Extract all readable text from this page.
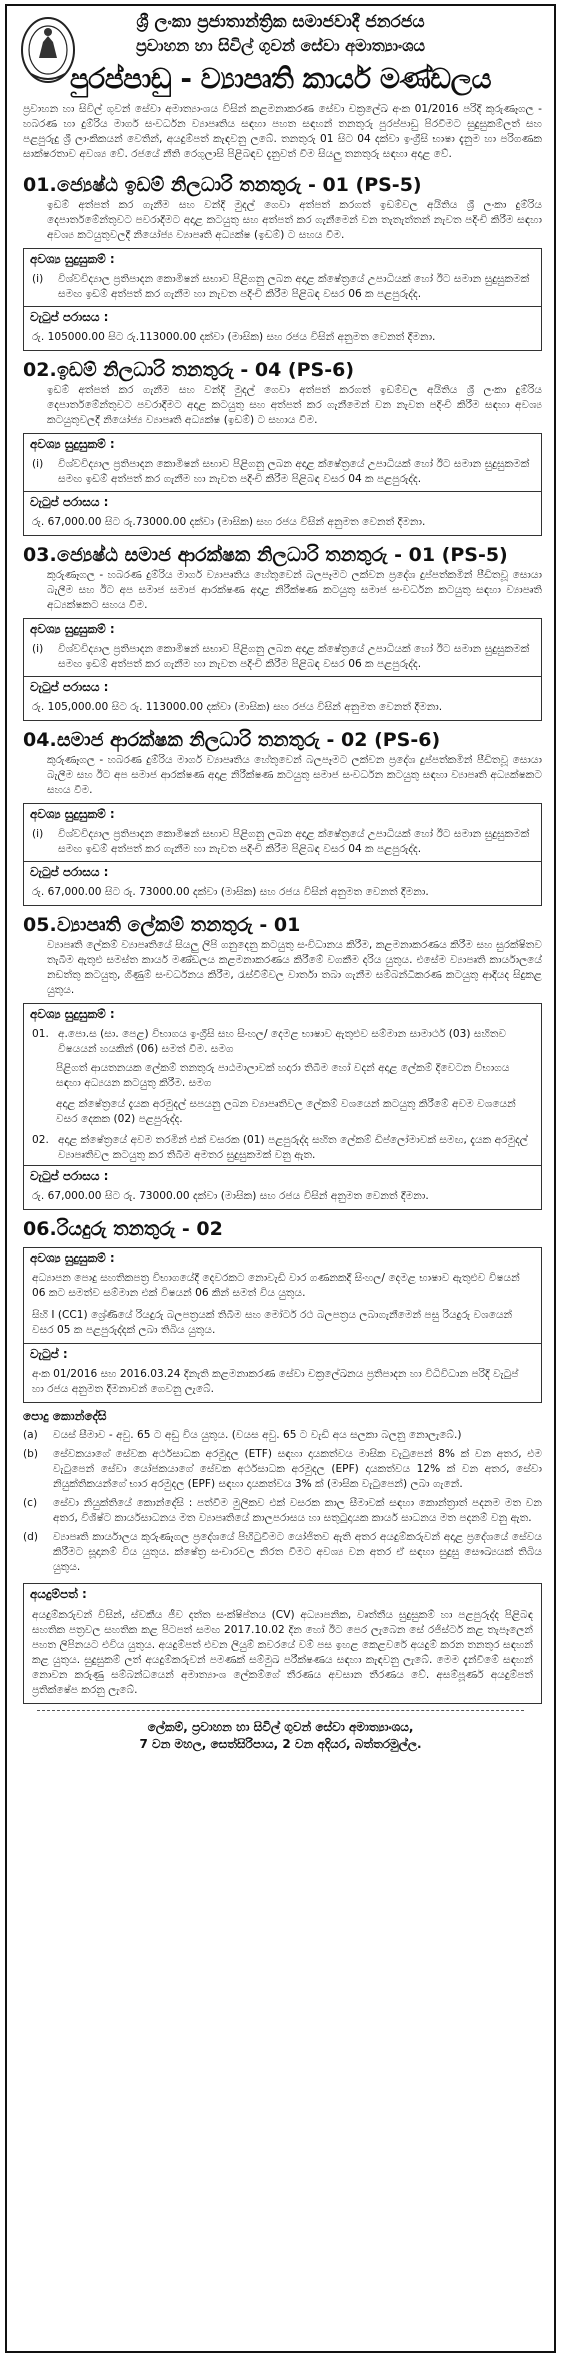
ශ්‍රී ලංකා ප්‍රජාතාන්ත්‍රික සමාජවාදී ජනරජය
ප්‍රවාහන හා සිවිල් ගුවන් සේවා අමාත්‍යාංශය
පුරප්පාඩු - ව්‍යාපෘති කාර්ය මණ්ඩලය
ප්‍රවාහන හා සිවිල් ගුවන් සේවා අමාත්‍යාංශය විසින් කළමනාකරණ සේවා චක්‍රලේඛ අංක 01/2016 පරිදි කුරුණෑගල - හබරණ හා දුම්රිය මාර්ග සංවර්ධන ව්‍යාපෘතිය සඳහා පහත සඳහන් තනතුරු පුරප්පාඩු පිරවීමට සුදුසුකම්ලත් සහ පළපුරුදු ශ්‍රී ලාංකිකයන් වෙතින්, අයදුම්පත් කැඳවනු ලබේ. තනතුරු 01 සිට 04 දක්වා ඉංග්‍රීසි භාෂා දැනුම හා පරිගණක සාක්ෂරතාව අවශ්‍ය වේ. රජයේ නීති රෙගුලාසි පිළිබඳව දැනුවත් වීම සියලු තනතුරු සඳහා අදාළ වේ.
01.ජ්‍යෙෂ්ඨ ඉඩම් නිලධාරි තනතුරු - 01 (PS-5)
ඉඩම් අත්පත් කර ගැනීම සහ වන්දි මුදල් ගෙවා අත්පත් කරගත් ඉඩම්වල අයිතිය ශ්‍රී ලංකා දුම්රිය දෙපාර්තමේන්තුවට පවරාදීමට අදාළ කටයුතු සහ අත්පත් කර ගැනීමෙන් වන තැතැත්තන් නැවත පදිංචි කිරීම සඳහා අවශ්‍ය කටයුතුවලදී නියෝජ්‍ය ව්‍යාපෘති අධ්‍යක්ෂ (ඉඩම්) ට සහය වීම.
අවශ්‍ය සුදුසුකම් :
(i)	විශ්වවිද්‍යාල ප්‍රතිපාදන කොමිෂන් සභාව පිළිගනු ලබන අදාළ ක්ෂේත්‍රයේ උපාධියක් හෝ ඊට සමාන සුදුසුකමක් සමඟ ඉඩම් අත්පත් කර ගැනීම හා නැවත පදිංචි කිරීම පිළිබඳ වසර 06 ක පළපුරුද්ද.
වැටුප් පරාසය :
රු. 105000.00 සිට රු.113000.00 දක්වා (මාසික) සහ රජය විසින් අනුමත වෙනත් දීමනා.
02.ඉඩම් නිලධාරි තනතුරු - 04 (PS-6)
ඉඩම් අත්පත් කර ගැනීම සහ වන්දි මුදල් ගෙවා අත්පත් කරගත් ඉඩම්වල අයිතිය ශ්‍රී ලංකා දුම්රිය දෙපාර්තමේන්තුවට පවරාදීමට අදාළ කටයුතු සහ අත්පත් කර ගැනීමෙන් වන නැවත පදිංචි කිරීම සඳහා අවශ්‍ය කටයුතුවලදී නියෝජ්‍ය ව්‍යාපෘති අධ්‍යක්ෂ (ඉඩම්) ට සහාය වීම.
අවශ්‍ය සුදුසුකම් :
(i)	විශ්වවිද්‍යාල ප්‍රතිපාදන කොමිෂන් සභාව පිළිගනු ලබන අදාළ ක්ෂේත්‍රයේ උපාධියක් හෝ ඊට සමාන සුදුසුකමක් සමඟ ඉඩම් අත්පත් කර ගැනීම හා නැවත පදිංචි කිරීම පිළිබඳ වසර 04 ක පළපුරුද්ද.
වැටුප් පරාසය :
රු. 67,000.00 සිට රු.73000.00 දක්වා (මාසික) සහ රජය විසින් අනුමත වෙනත් දීමනා.
03.ජ්‍යෙෂ්ඨ සමාජ ආරක්ෂක නිලධාරි තනතුරු - 01 (PS-5)
කුරුණෑගල - හබරණ දුම්රිය මාර්ග ව්‍යාපෘතිය හේතුවෙන් බලපෑමට ලක්වන ප්‍රදේශ දුප්පත්කමින් පීඩිතවූ සොයා බැලීම සහ ඊට අප සමාජ සමාජ ආරක්ෂණ අදාළ නිරීක්ෂණ කටයුතු සමාජ සංවර්ධන කටයුතු සඳහා ව්‍යාපෘති අධ්‍යක්ෂකට සහය වීම.
අවශ්‍ය සුදුසුකම් :
(i)	විශ්වවිද්‍යාල ප්‍රතිපාදන කොමිෂන් සභාව පිළිගනු ලබන අදාළ ක්ෂේත්‍රයේ උපාධියක් හෝ ඊට සමාන සුදුසුකමක් සමඟ ඉඩම් අත්පත් කර ගැනීම හා නැවත පදිංචි කිරීම පිළිබඳ වසර 06 ක පළපුරුද්ද.
වැටුප් පරාසය :
රු. 105,000.00 සිට රු. 113000.00 දක්වා (මාසික) සහ රජය විසින් අනුමත වෙනත් දීමනා.
04.සමාජ ආරක්ෂක නිලධාරි තනතුරු - 02 (PS-6)
කුරුණෑගල - හබරණ දුම්රිය මාර්ග ව්‍යාපෘතිය හේතුවෙන් බලපෑමට ලක්වන ප්‍රදේශ දුප්පත්කමින් පීඩිතවූ සොයා බැලීම සහ ඊට අප සමාජ ආරක්ෂණ අදාළ නිරීක්ෂණ කටයුතු සමාජ සංවර්ධන කටයුතු සඳහා ව්‍යාපෘති අධ්‍යක්ෂකට සහය වීම.
අවශ්‍ය සුදුසුකම් :
(i)	විශ්වවිද්‍යාල ප්‍රතිපාදන කොමිෂන් සභාව පිළිගනු ලබන අදාළ ක්ෂේත්‍රයේ උපාධියක් හෝ ඊට සමාන සුදුසුකමක් සමඟ ඉඩම් අත්පත් කර ගැනීම හා නැවත පදිංචි කිරීම පිළිබඳ වසර 04 ක පළපුරුද්ද.
වැටුප් පරාසය :
රු. 67,000.00 සිට රු. 73000.00 දක්වා (මාසික) සහ රජය විසින් අනුමත වෙනත් දීමනා.
05.ව්‍යාපෘති ලේකම් තනතුරු - 01
ව්‍යාපෘති ලේකම් ව්‍යාපෘතියේ සියලු ලිපි ගනුදෙනු කටයුතු සංවිධානය කිරීම, කළමනාකරණය කිරීම සහ සුරක්ෂිතව තැබීම ඇතුළු සමස්ත කාර්ය මණ්ඩලය කළමනාකරණය කිරීමේ වගකීම දරිය යුතුය. එසේම ව්‍යාපෘති කාර්යාලයේ නඩත්තු කටයුතු, ගිණුම් සංවර්ධනය කිරීම, රැස්වීම්වල වාර්තා තබා ගැනීම සම්බන්ධීකරණ කටයුතු ආදියද සිදුකළ යුතුය.
අවශ්‍ය සුදුසුකම් :
01. අ.පො.ස (සා. පෙළ) විභාගය ඉංග්‍රීසි සහ සිංහල/ දෙමළ භාෂාව ඇතුළුව සම්මාන සාමාර්ථ (03) සහිතව විෂයයන් හයකින් (06) සමත් වීම. සමග
පිළිගත් ආයතනයක ලේකම් තනතුරු පාඨමාලාවක් හදාරා තිබීම හෝ වදන් අදාළ ලේකම් දිවෙටන විභාගය සඳහා අධ්‍යයන කටයුතු කිරීම. සමග
අදාළ ක්ෂේත්‍රයේ දැයක අරමුදල් සපයනු ලබන ව්‍යාපෘතිවල ලේකම් වශයෙන් කටයුතු කිරීමේ අවම වශයෙන් වසර දෙකක (02) පළපුරුද්ද.
02. අදාළ ක්ෂේත්‍රයේ අවම තරමින් එක් වසරක (01) පළපුරුද්ද සහිත ලේකම් ඩිප්ලෝමාවක් සමඟ, දැයක අරමුදල් ව්‍යාපෘතිවල කටයුතු කර තිබීම අමතර සුදුසුකමක් වනු ඇත.
වැටුප් පරාසය :
රු. 67,000.00 සිට රු. 73000.00 දක්වා (මාසික) සහ රජය විසින් අනුමත වෙනත් දීමනා.
06.රියදුරු තනතුරු - 02
අවශ්‍ය සුදුසුකම් :
අධ්‍යාපන පොදු සහතිකපත්‍ර විභාගයේදී දෙවරකට නොවැඩි වාර ගණනකදී සිංහල/ දෙමළ භාෂාව ඇතුළුව විෂයන් 06 කට සමත්ව සම්මාන එක් විෂයන් 06 කින් සමත් විය යුතුය.
සිහි I (CC1) ශ්‍රේණියේ රියදුරු බලපත්‍රයක් තිබීම සහ මෝටර් රථ බලපත්‍රය ලබාගැනීමෙන් පසු රියදුරු වශයෙන් වසර 05 ක පළපුරුද්දක් ලබා තිබිය යුතුය.
වැටුප් :
අංක 01/2016 සහ 2016.03.24 දිනැති කළමනාකරණ සේවා චක්‍රලේඛනය ප්‍රතිපාදන හා විධිවිධාන පරිදි වැටුප් හා රජය අනුමත දීමනාවන් ගෙවනු ලැබේ.
පොදු කොන්දේසි
(a)	වයස් සීමාව - අවු. 65 ට අඩු විය යුතුය. (වයස අවු. 65 ට වැඩි අය සලකා බලනු නොලැබේ.)
(b)	සේවකයාගේ සේවක අර්ථසාධක අරමුදල (ETF) සඳහා දායකත්වය මාසික වැටුපෙන් 8% ක් වන අතර, එම වැටුපෙන් සේවා යෝජකයාගේ සේවක අර්ථසාධක අරමුදල (EPF) දායකත්වය 12% ක් වන අතර, සේවා නියුක්තිකයන්ගේ භාර අරමුදල (EPF) සඳහා දායකත්වය 3% ක් (මාසික වැටුපෙන්) ලබා ගැනේ.
(c)	සේවා නියුක්තියේ කොන්දේසි : පත්වීම මුලිකව එක් වසරක කාල සීමාවක් සඳහා කොන්ත්‍රාත් පදනම මත වන අතර, විශිෂ්ට කාර්යසාධනය මත ව්‍යාපෘතියේ කාලපරාසය හා සතුටුදායක කාර්ය සාධනය මත පදනම් වනු ඇත.
(d)	ව්‍යාපෘති කාර්යාලය කුරුණෑගල ප්‍රදේශයේ පිහිටුවීමට යෝජිතව ඇති අතර අයදුම්කරුවන් අදාළ ප්‍රදේශයේ සේවය කිරීමට සූදානම් විය යුතුය. ක්ෂේත්‍ර සංචාරවල නිරත වීමට අවශ්‍ය වන අතර ඒ සඳහා සුදුසු සෞඛ්‍යයක් තිබිය යුතුය.
අයදුම්පත් :
අයදුම්කරුවන් විසින්, ස්වකීය ජීව දත්ත සංක්ෂිප්තය (CV) අධ්‍යාපනික, වෘත්තීය සුදුසුකම් හා පළපුරුද්ද පිළිබඳ සහතික පත්‍රවල සහතික කළ පිටපත් සමඟ 2017.10.02 දින හෝ ඊට පෙර ලැබෙන සේ රජිස්ටර් කළ තැපෑලෙන් පහත ලිපිනයට එවිය යුතුය. අයදුම්පත් එවන ලියුම් කවරයේ වම් පස ඉහළ කෙළවරේ අයදුම් කරන තනතුර සඳහන් කළ යුතුය. සුදුසුකම් ලත් අයදුම්කරුවන් පමණක් සම්මුඛ පරීක්ෂණය සඳහා කැඳවනු ලැබේ. මෙම දැන්වීමේ සඳහන් නොවන කරුණු සම්බන්ධයෙන් අමාත්‍යාංශ ලේකම්ගේ තීරණය අවසාන තීරණය වේ. අසම්පූර්ණ අයදුම්පත් ප්‍රතික්ෂේප කරනු ලැබේ.
ලේකම්, ප්‍රවාහන හා සිවිල් ගුවන් සේවා අමාත්‍යාංශය,
7 වන මහල, සෙත්සිරිපාය, 2 වන අදියර, බත්තරමුල්ල.
